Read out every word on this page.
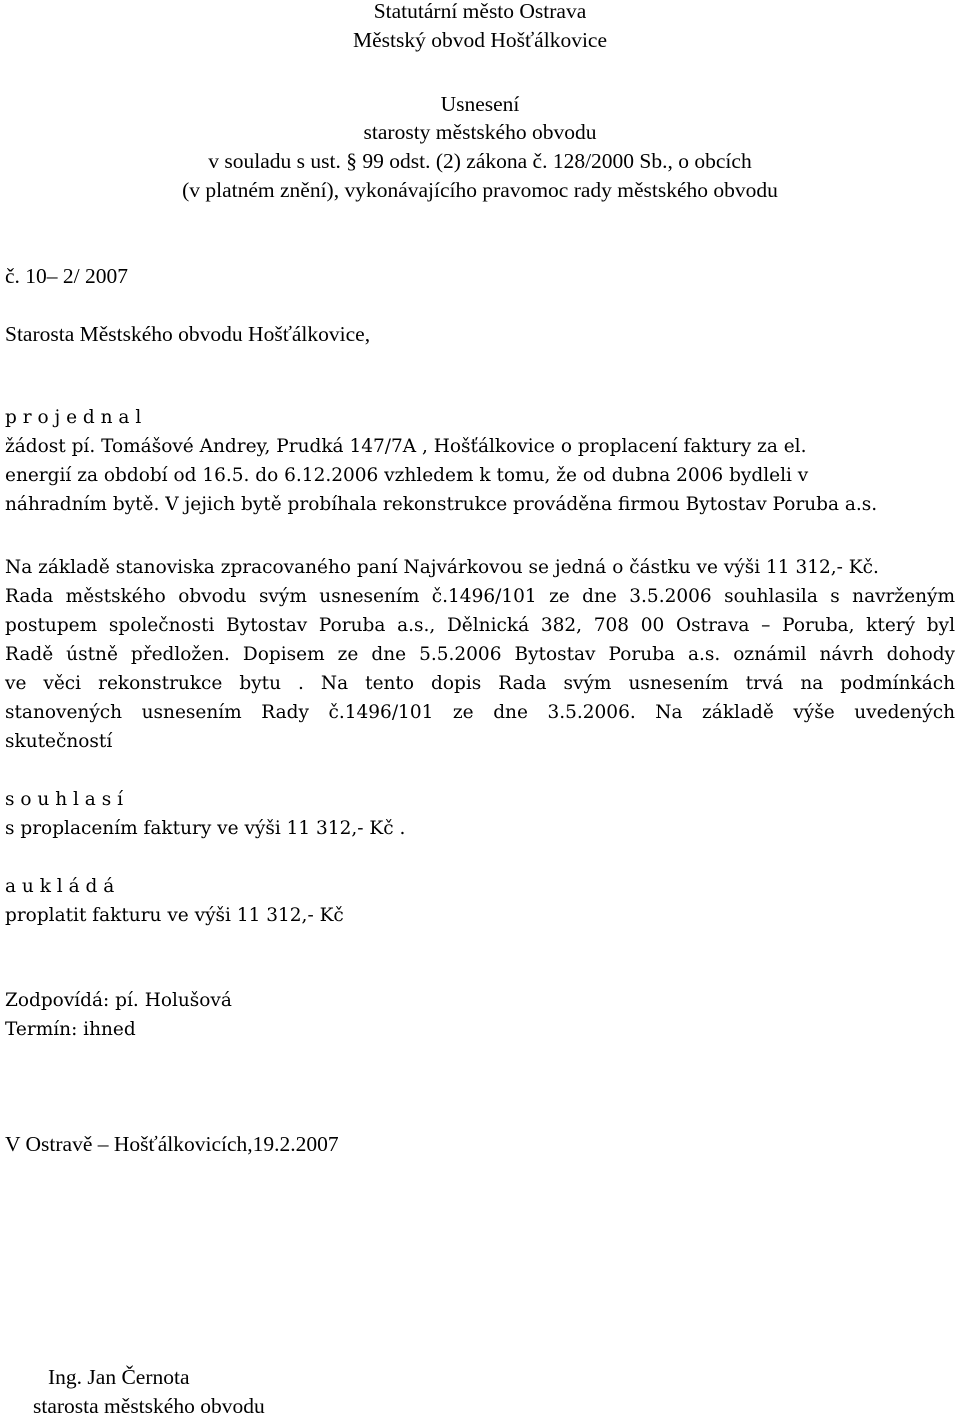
Statutární město Ostrava
Městský obvod Hošťálkovice
Usnesení
starosty městského obvodu
v souladu s ust. § 99 odst. (2) zákona č. 128/2000 Sb., o obcích
(v platném znění), vykonávajícího pravomoc rady městského obvodu
č. 10– 2/ 2007
Starosta Městského obvodu Hošťálkovice,
p r o j e d n a l
žádost pí. Tomášové Andrey, Prudká 147/7A , Hošťálkovice o proplacení faktury za el.
energií za období od 16.5. do 6.12.2006 vzhledem k tomu, že od dubna 2006 bydleli v
náhradním bytě. V jejich bytě probíhala rekonstrukce prováděna firmou Bytostav Poruba a.s.
Na základě stanoviska zpracovaného paní Najvárkovou se jedná o částku ve výši 11 312,- Kč.
Rada městského obvodu svým usnesením č.1496/101 ze dne 3.5.2006 souhlasila s navrženým
postupem společnosti Bytostav Poruba a.s., Dělnická 382, 708 00 Ostrava – Poruba, který byl
Radě ústně předložen. Dopisem ze dne 5.5.2006 Bytostav Poruba a.s. oznámil návrh dohody
ve věci rekonstrukce bytu . Na tento dopis Rada svým usnesením trvá na podmínkách
stanovených usnesením Rady č.1496/101 ze dne 3.5.2006. Na základě výše uvedených
skutečností
s o u h l a s í
s proplacením faktury ve výši 11 312,- Kč .
a u k l á d á
proplatit fakturu ve výši 11 312,- Kč
Zodpovídá: pí. Holušová
Termín: ihned
V Ostravě – Hošťálkovicích,19.2.2007
Ing. Jan Černota
starosta městského obvodu
